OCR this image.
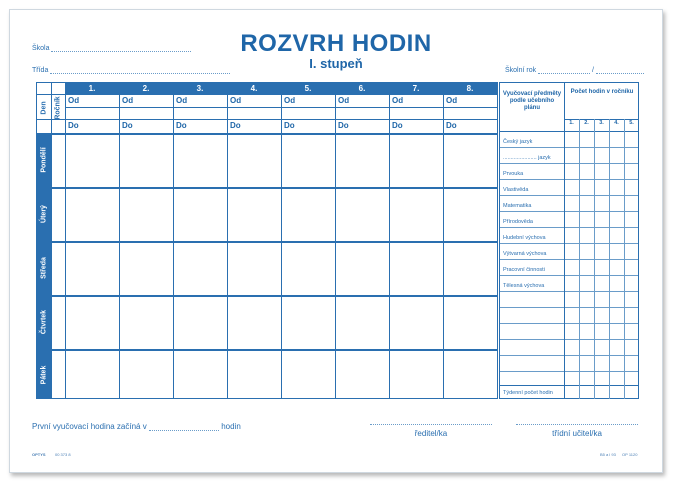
ROZVRH HODIN
I. stupeň
Škola
Třída	Školní rok	/
1.	2.	3.	4.	5.	6.	7.	8.
Od	Od	Od	Od	Od	Od	Od	Od
Do	Do	Do	Do	Do	Do	Do	Do
Den Ročník
Pondělí
Úterý
Středa
Čtvrtek
Pátek
Vyučovací předměty podle učebního plánu
Počet hodin v ročníku
1.	2.	3.	4.	5.
Český jazyk
...................... jazyk
Prvouka
Vlastivěda
Matematika
Přírodověda
Hudební výchova
Výtvarná výchova
Pracovní činnosti
Tělesná výchova
Týdenní počet hodin
První vyučovací hodina začíná v	hodin
ředitel/ka	třídní učitel/ka
OPTYS 00 373 8	B5 a l 93 OP 1120
